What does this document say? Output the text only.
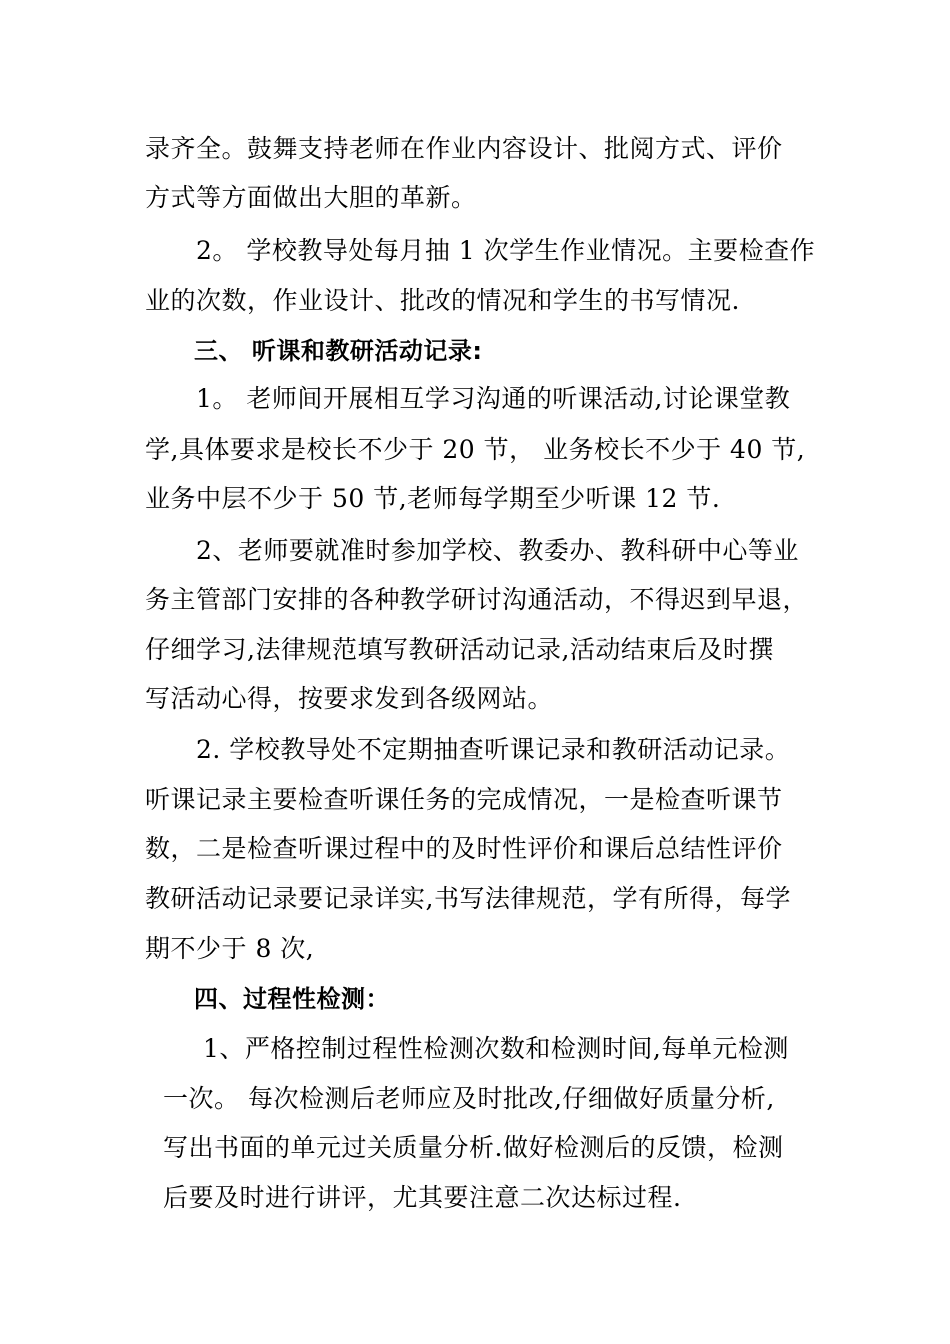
录齐全。鼓舞支持老师在作业内容设计、批阅方式、评价
方式等方面做出大胆的革新。
2。 学校教导处每月抽 1 次学生作业情况。主要检查作
业的次数，作业设计、批改的情况和学生的书写情况.
三、 听课和教研活动记录:
1。 老师间开展相互学习沟通的听课活动,讨论课堂教
学,具体要求是校长不少于 20 节， 业务校长不少于 40 节,
业务中层不少于 50 节,老师每学期至少听课 12 节.
2、老师要就准时参加学校、教委办、教科研中心等业
务主管部门安排的各种教学研讨沟通活动，不得迟到早退，
仔细学习,法律规范填写教研活动记录,活动结束后及时撰
写活动心得，按要求发到各级网站。
2. 学校教导处不定期抽查听课记录和教研活动记录。
听课记录主要检查听课任务的完成情况，一是检查听课节
数，二是检查听课过程中的及时性评价和课后总结性评价
教研活动记录要记录详实,书写法律规范，学有所得，每学
期不少于 8 次,
四、过程性检测：
1、严格控制过程性检测次数和检测时间,每单元检测
一次。 每次检测后老师应及时批改,仔细做好质量分析,
写出书面的单元过关质量分析.做好检测后的反馈，检测
后要及时进行讲评，尤其要注意二次达标过程.
